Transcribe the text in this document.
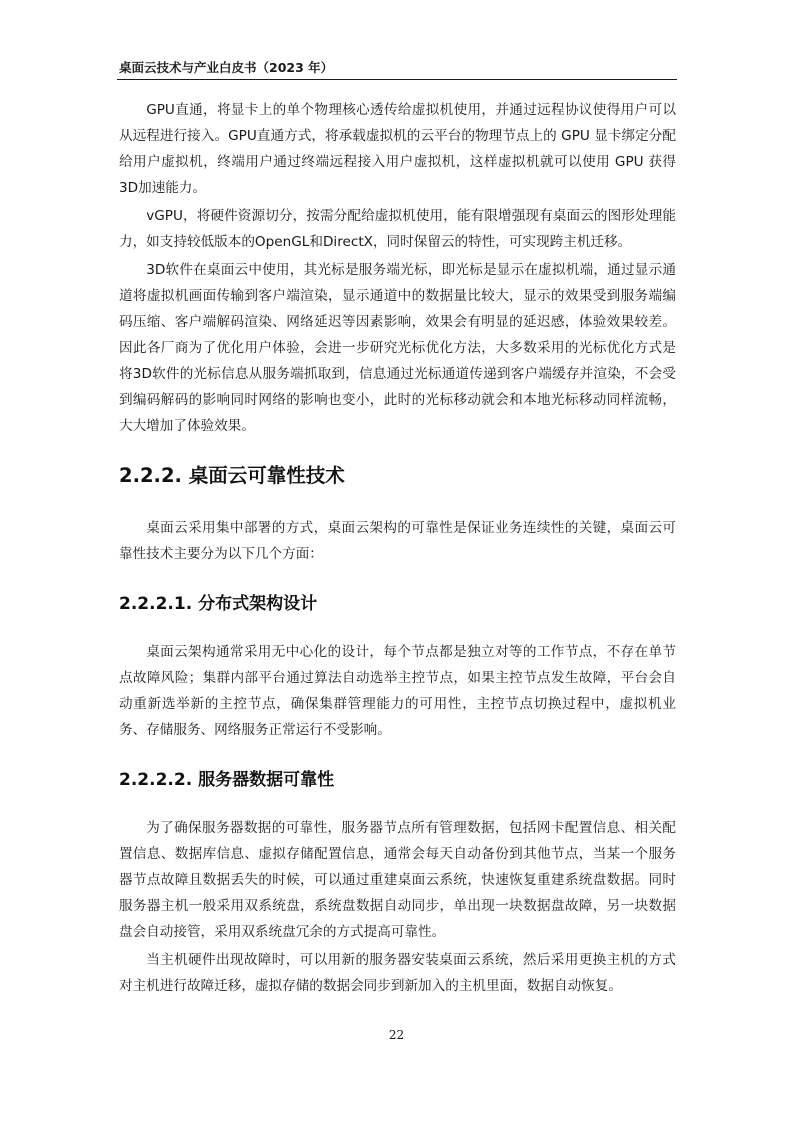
桌面云技术与产业白皮书（2023 年）

GPU直通，将显卡上的单个物理核心透传给虚拟机使用，并通过远程协议使得用户可以从远程进行接入。GPU直通方式，将承载虚拟机的云平台的物理节点上的 GPU 显卡绑定分配给用户虚拟机，终端用户通过终端远程接入用户虚拟机，这样虚拟机就可以使用 GPU 获得 3D加速能力。

vGPU，将硬件资源切分，按需分配给虚拟机使用，能有限增强现有桌面云的图形处理能力，如支持较低版本的OpenGL和DirectX，同时保留云的特性，可实现跨主机迁移。

3D软件在桌面云中使用，其光标是服务端光标，即光标是显示在虚拟机端，通过显示通道将虚拟机画面传输到客户端渲染，显示通道中的数据量比较大，显示的效果受到服务端编码压缩、客户端解码渲染、网络延迟等因素影响，效果会有明显的延迟感，体验效果较差。因此各厂商为了优化用户体验，会进一步研究光标优化方法，大多数采用的光标优化方式是将3D软件的光标信息从服务端抓取到，信息通过光标通道传递到客户端缓存并渲染，不会受到编码解码的影响同时网络的影响也变小，此时的光标移动就会和本地光标移动同样流畅，大大增加了体验效果。

2.2.2. 桌面云可靠性技术

桌面云采用集中部署的方式，桌面云架构的可靠性是保证业务连续性的关键，桌面云可靠性技术主要分为以下几个方面：

2.2.2.1. 分布式架构设计

桌面云架构通常采用无中心化的设计，每个节点都是独立对等的工作节点，不存在单节点故障风险；集群内部平台通过算法自动选举主控节点，如果主控节点发生故障，平台会自动重新选举新的主控节点，确保集群管理能力的可用性，主控节点切换过程中，虚拟机业务、存储服务、网络服务正常运行不受影响。

2.2.2.2. 服务器数据可靠性

为了确保服务器数据的可靠性，服务器节点所有管理数据，包括网卡配置信息、相关配置信息、数据库信息、虚拟存储配置信息，通常会每天自动备份到其他节点，当某一个服务器节点故障且数据丢失的时候，可以通过重建桌面云系统，快速恢复重建系统盘数据。同时服务器主机一般采用双系统盘，系统盘数据自动同步，单出现一块数据盘故障，另一块数据盘会自动接管，采用双系统盘冗余的方式提高可靠性。

当主机硬件出现故障时，可以用新的服务器安装桌面云系统，然后采用更换主机的方式对主机进行故障迁移，虚拟存储的数据会同步到新加入的主机里面，数据自动恢复。

22
